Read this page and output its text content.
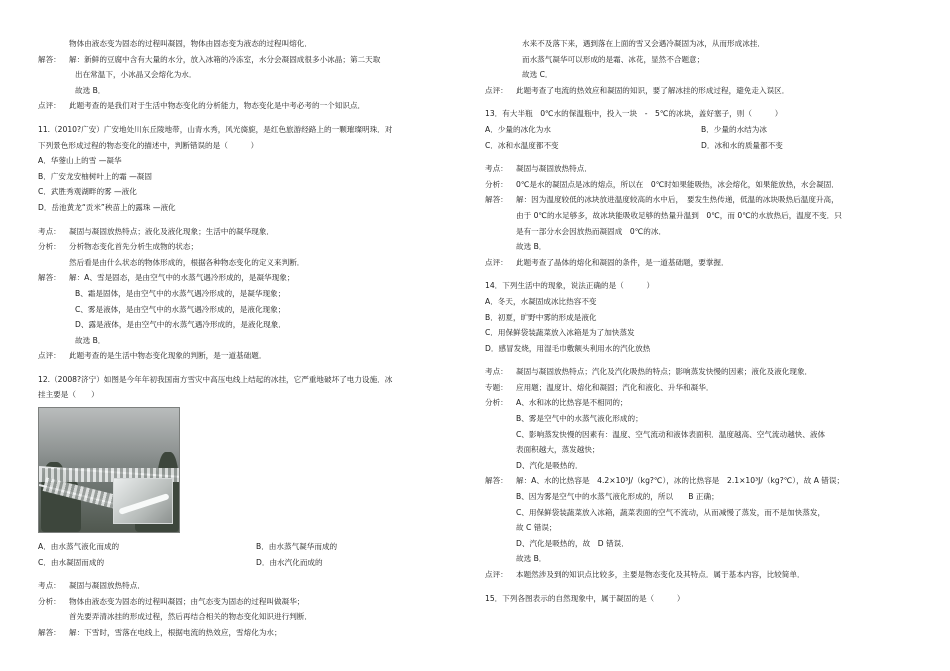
物体由液态变为固态的过程叫凝固，物体由固态变为液态的过程叫熔化．
解答： 解：新鲜的豆腐中含有大量的水分，放入冰箱的冷冻室，水分会凝固成很多小冰晶；第二天取
出在常温下，小冰晶又会熔化为水．
故选 B．
点评： 此题考查的是我们对于生活中物态变化的分析能力，物态变化是中考必考的一个知识点．
11.（2010?广安）广安地处川东丘陵地带，山青水秀，风光旖旎，是红色旅游经路上的一颗璀璨明珠．对
下列景色形成过程的物态变化的描述中，判断错误的是（　　　）
A．华蓥山上的雪 —凝华
B．广安龙安柚树叶上的霜 —凝固
C．武胜秀观湖畔的雾 —液化
D．岳池黄龙“贡米”秧苗上的露珠 —液化
考点： 凝固与凝固放热特点；液化及液化现象；生活中的凝华现象．
分析： 分析物态变化首先分析生成物的状态；
然后看是由什么状态的物体形成的，根据各种物态变化的定义来判断．
解答： 解：A、雪是固态，是由空气中的水蒸气遇冷形成的，是凝华现象；
B、霜是固体，是由空气中的水蒸气遇冷形成的，是凝华现象；
C、雾是液体，是由空气中的水蒸气遇冷形成的，是液化现象；
D、露是液体，是由空气中的水蒸气遇冷形成的，是液化现象．
故选 B．
点评： 此题考查的是生活中物态变化现象的判断，是一道基础题．
12.（2008?济宁）如图是今年年初我国南方雪灾中高压电线上结起的冰挂，它严重地破坏了电力设施．冰
挂主要是（　　）
A．由水蒸气液化而成的	B．由水蒸气凝华而成的
C．由水凝固而成的	D．由水汽化而成的
考点： 凝固与凝固放热特点．
分析： 物体由液态变为固态的过程叫凝固；由气态变为固态的过程叫做凝华；
首先要弄清冰挂的形成过程，然后再结合相关的物态变化知识进行判断．
解答： 解：下雪时，雪落在电线上，根据电流的热效应，雪熔化为水；
水来不及落下来，遇到落在上面的雪又会遇冷凝固为冰，从而形成冰挂．
而水蒸气凝华可以形成的是霜、冰花，显然不合题意；
故选 C．
点评： 此题考查了电流的热效应和凝固的知识，要了解冰挂的形成过程，避免走入误区．
13．有大半瓶　0℃水的保温瓶中，投入一块　-　5℃的冰块，盖好塞子，则（　　　）
A．少量的冰化为水	B．少量的水结为冰
C．冰和水温度都不变	D．冰和水的质量都不变
考点： 凝固与凝固放热特点．
分析： 0℃是水的凝固点是冰的熔点，所以在　0℃时如果能吸热，冰会熔化，如果能放热，水会凝固．
解答： 解：因为温度较低的冰块放进温度较高的水中后，　要发生热传递，低温的冰块吸热后温度升高，
由于 0℃的水足够多，故冰块能吸收足够的热量升温到　0℃，而 0℃的水放热后，温度不变．只
是有一部分水会因放热而凝固成　0℃的冰．
故选 B．
点评： 此题考查了晶体的熔化和凝固的条件，是一道基础题，要掌握．
14．下列生活中的现象，说法正确的是（　　　）
A．冬天，水凝固成冰比热容不变
B．初夏，旷野中雾的形成是液化
C．用保鲜袋装蔬菜放入冰箱是为了加快蒸发
D．感冒发烧，用湿毛巾敷额头利用水的汽化放热
考点： 凝固与凝固放热特点；汽化及汽化吸热的特点；影响蒸发快慢的因素；液化及液化现象．
专题： 应用题；温度计、熔化和凝固；汽化和液化、升华和凝华．
分析： A、水和冰的比热容是不相同的；
B、雾是空气中的水蒸气液化形成的；
C、影响蒸发快慢的因素有：温度、空气流动和液体表面积．温度越高、空气流动越快、液体
表面积越大，蒸发越快；
D、汽化是吸热的．
解答： 解：A、水的比热容是　4.2×10³J/（kg?℃），冰的比热容是　2.1×10³J/（kg?℃），故 A 错误；
B、因为雾是空气中的水蒸气液化形成的，所以　　B 正确；
C、用保鲜袋装蔬菜放入冰箱，蔬菜表面的空气不流动，从而减慢了蒸发，而不是加快蒸发，
故 C 错误；
D、汽化是吸热的，故　D 错误．
故选 B．
点评： 本题然涉及到的知识点比较多，主要是物态变化及其特点．属于基本内容，比较简单．
15．下列各图表示的自然现象中，属于凝固的是（　　　）
